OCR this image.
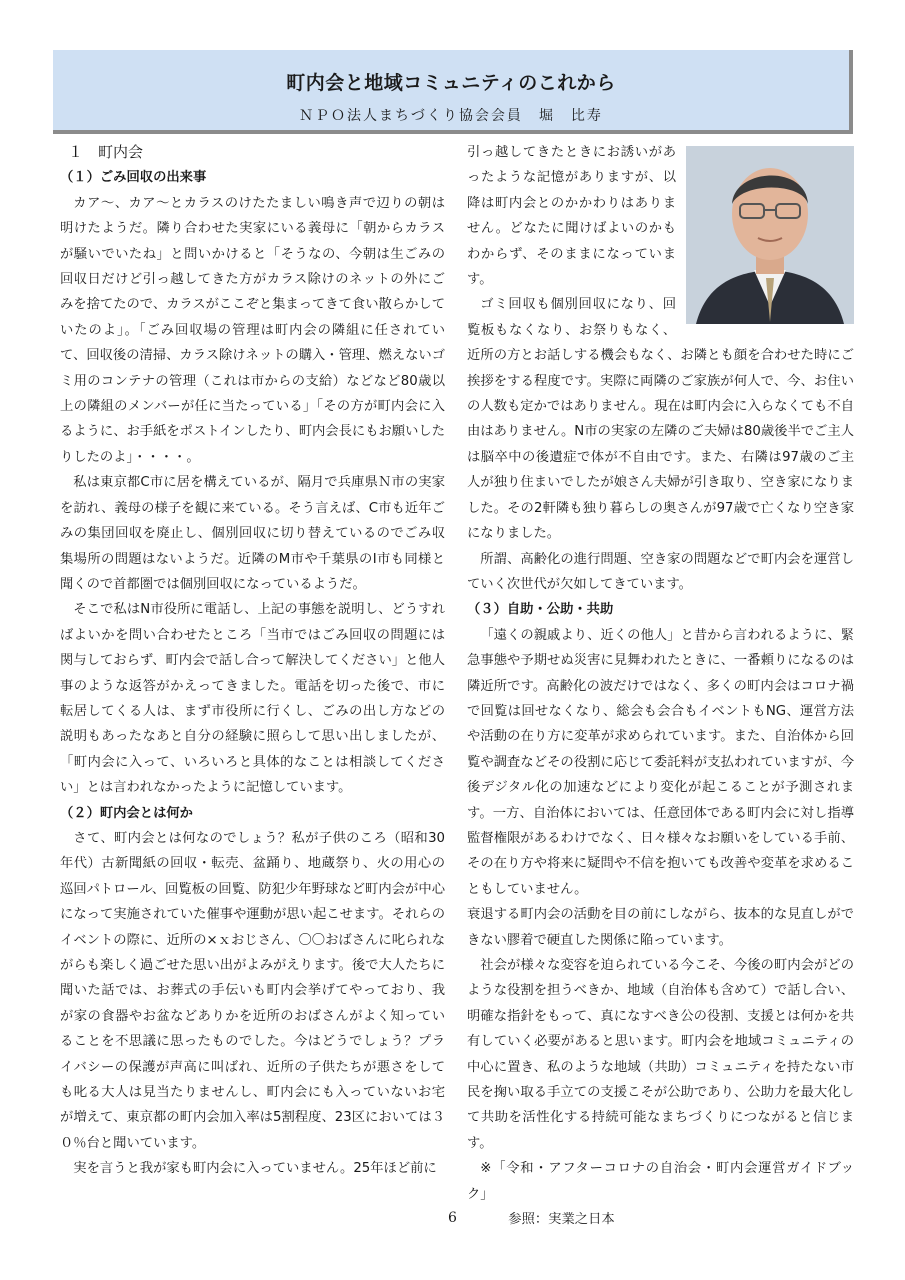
町内会と地域コミュニティのこれから
ＮＰＯ法人まちづくり協会会員　堀　比寿
１　町内会
（１）ごみ回収の出来事

カア～、カア～とカラスのけたたましい鳴き声で辺りの朝は明けたようだ。隣り合わせた実家にいる義母に「朝からカラスが騒いでいたね」と問いかけると「そうなの、今朝は生ごみの回収日だけど引っ越してきた方がカラス除けのネットの外にごみを捨てたので、カラスがここぞと集まってきて食い散らかしていたのよ」。「ごみ回収場の管理は町内会の隣組に任されていて、回収後の清掃、カラス除けネットの購入・管理、燃えないゴミ用のコンテナの管理（これは市からの支給）などなど80歳以上の隣組のメンバーが任に当たっている」「その方が町内会に入るように、お手紙をポストインしたり、町内会長にもお願いしたりしたのよ」・・・・。

私は東京都C市に居を構えているが、隔月で兵庫県Ｎ市の実家を訪れ、義母の様子を観に来ている。そう言えば、C市も近年ごみの集団回収を廃止し、個別回収に切り替えているのでごみ収集場所の問題はないようだ。近隣のM市や千葉県のI市も同様と聞くので首都圏では個別回収になっているようだ。

そこで私はN市役所に電話し、上記の事態を説明し、どうすればよいかを問い合わせたところ「当市ではごみ回収の問題には関与しておらず、町内会で話し合って解決してください」と他人事のような返答がかえってきました。電話を切った後で、市に転居してくる人は、まず市役所に行くし、ごみの出し方などの説明もあったなあと自分の経験に照らして思い出しましたが、「町内会に入って、いろいろと具体的なことは相談してください」とは言われなかったように記憶しています。

（２）町内会とは何か

さて、町内会とは何なのでしょう？私が子供のころ（昭和30年代）古新聞紙の回収・転売、盆踊り、地蔵祭り、火の用心の巡回パトロール、回覧板の回覧、防犯少年野球など町内会が中心になって実施されていた催事や運動が思い起こせます。それらのイベントの際に、近所の×ｘおじさん、〇〇おばさんに叱られながらも楽しく過ごせた思い出がよみがえります。後で大人たちに聞いた話では、お葬式の手伝いも町内会挙げてやっており、我が家の食器やお盆などありかを近所のおばさんがよく知っていることを不思議に思ったものでした。今はどうでしょう？プライバシーの保護が声高に叫ばれ、近所の子供たちが悪さをしても叱る大人は見当たりませんし、町内会にも入っていないお宅が増えて、東京都の町内会加入率は5割程度、23区においては３０％台と聞いています。

実を言うと我が家も町内会に入っていません。25年ほど前に

引っ越してきたときにお誘いがあったような記憶がありますが、以降は町内会とのかかわりはありません。どなたに聞けばよいのかもわからず、そのままになっています。

ゴミ回収も個別回収になり、回覧板もなくなり、お祭りもなく、近所の方とお話しする機会もなく、お隣とも顔を合わせた時にご挨拶をする程度です。実際に両隣のご家族が何人で、今、お住いの人数も定かではありません。現在は町内会に入らなくても不自由はありません。N市の実家の左隣のご夫婦は80歳後半でご主人は脳卒中の後遺症で体が不自由です。また、右隣は97歳のご主人が独り住まいでしたが娘さん夫婦が引き取り、空き家になりました。その2軒隣も独り暮らしの奥さんが97歳で亡くなり空き家になりました。

所謂、高齢化の進行問題、空き家の問題などで町内会を運営していく次世代が欠如してきています。

（３）自助・公助・共助

「遠くの親戚より、近くの他人」と昔から言われるように、緊急事態や予期せぬ災害に見舞われたときに、一番頼りになるのは隣近所です。高齢化の波だけではなく、多くの町内会はコロナ禍で回覧は回せなくなり、総会も会合もイベントもNG、運営方法や活動の在り方に変革が求められています。また、自治体から回覧や調査などその役割に応じて委託料が支払われていますが、今後デジタル化の加速などにより変化が起こることが予測されます。一方、自治体においては、任意団体である町内会に対し指導監督権限があるわけでなく、日々様々なお願いをしている手前、その在り方や将来に疑問や不信を抱いても改善や変革を求めることもしていません。

衰退する町内会の活動を目の前にしながら、抜本的な見直しができない膠着で硬直した関係に陥っています。

社会が様々な変容を迫られている今こそ、今後の町内会がどのような役割を担うべきか、地域（自治体も含めて）で話し合い、明確な指針をもって、真になすべき公の役割、支援とは何かを共有していく必要があると思います。町内会を地域コミュニティの中心に置き、私のような地域（共助）コミュニティを持たない市民を掬い取る手立ての支援こそが公助であり、公助力を最大化して共助を活性化する持続可能なまちづくりにつながると信じます。

※「令和・アフターコロナの自治会・町内会運営ガイドブック」

参照：実業之日本

6
